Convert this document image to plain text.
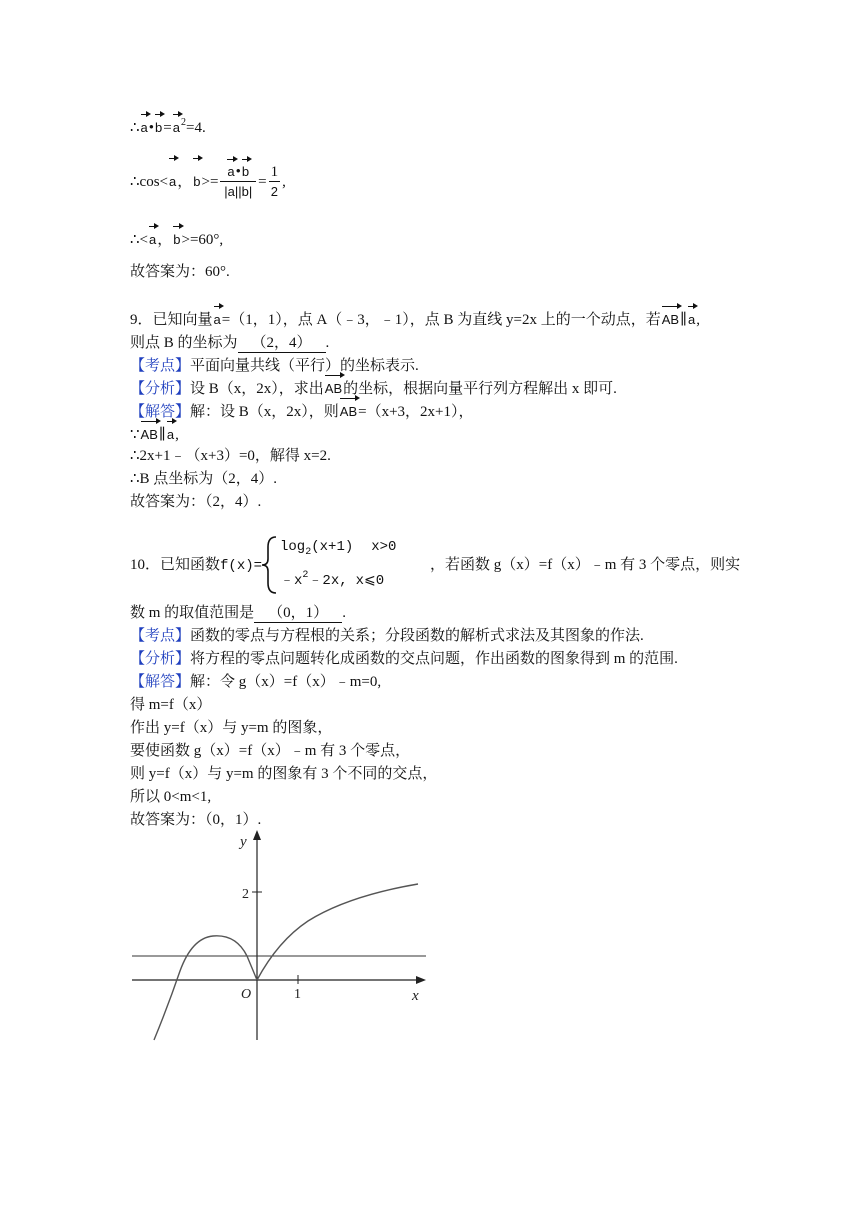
$\therefore a•b=a^2=4$.
∴cos<a，$b>= \frac{a•b}{|a||b|} = \frac{1}{2}$ ,
∴<a，b>=60°,
故答案为：60°.
9．已知向量a=（1，1），点 A（﹣3，﹣1），点 B 为直线 y=2x 上的一个动点，若AB∥a,
则点 B 的坐标为 （2，4） .
【考点】平面向量共线（平行）的坐标表示.
【分析】设 B（x，2x），求出AB的坐标，根据向量平行列方程解出 x 即可.
【解答】解：设 B（x，2x），则AB=（x+3，2x+1），
∵AB∥a,
∴2x+1﹣（x+3）=0，解得 x=2.
∴B 点坐标为（2，4）.
故答案为：（2，4）.
10．已知函数f(x)=
$\log_2(x+1)$ x>0
$﹣x^2﹣2x$, x⩽0
，若函数 g（x）=f（x）﹣m 有 3 个零点，则实
数 m 的取值范围是 （0，1） .
【考点】函数的零点与方程根的关系；分段函数的解析式求法及其图象的作法.
【分析】将方程的零点问题转化成函数的交点问题，作出函数的图象得到 m 的范围.
【解答】解：令 g（x）=f（x）﹣m=0,
得 m=f（x）
作出 y=f（x）与 y=m 的图象，
要使函数 g（x）=f（x）﹣m 有 3 个零点，
则 y=f（x）与 y=m 的图象有 3 个不同的交点，
所以 0<m<1,
故答案为：（0，1）.
y
x
O
2
1
